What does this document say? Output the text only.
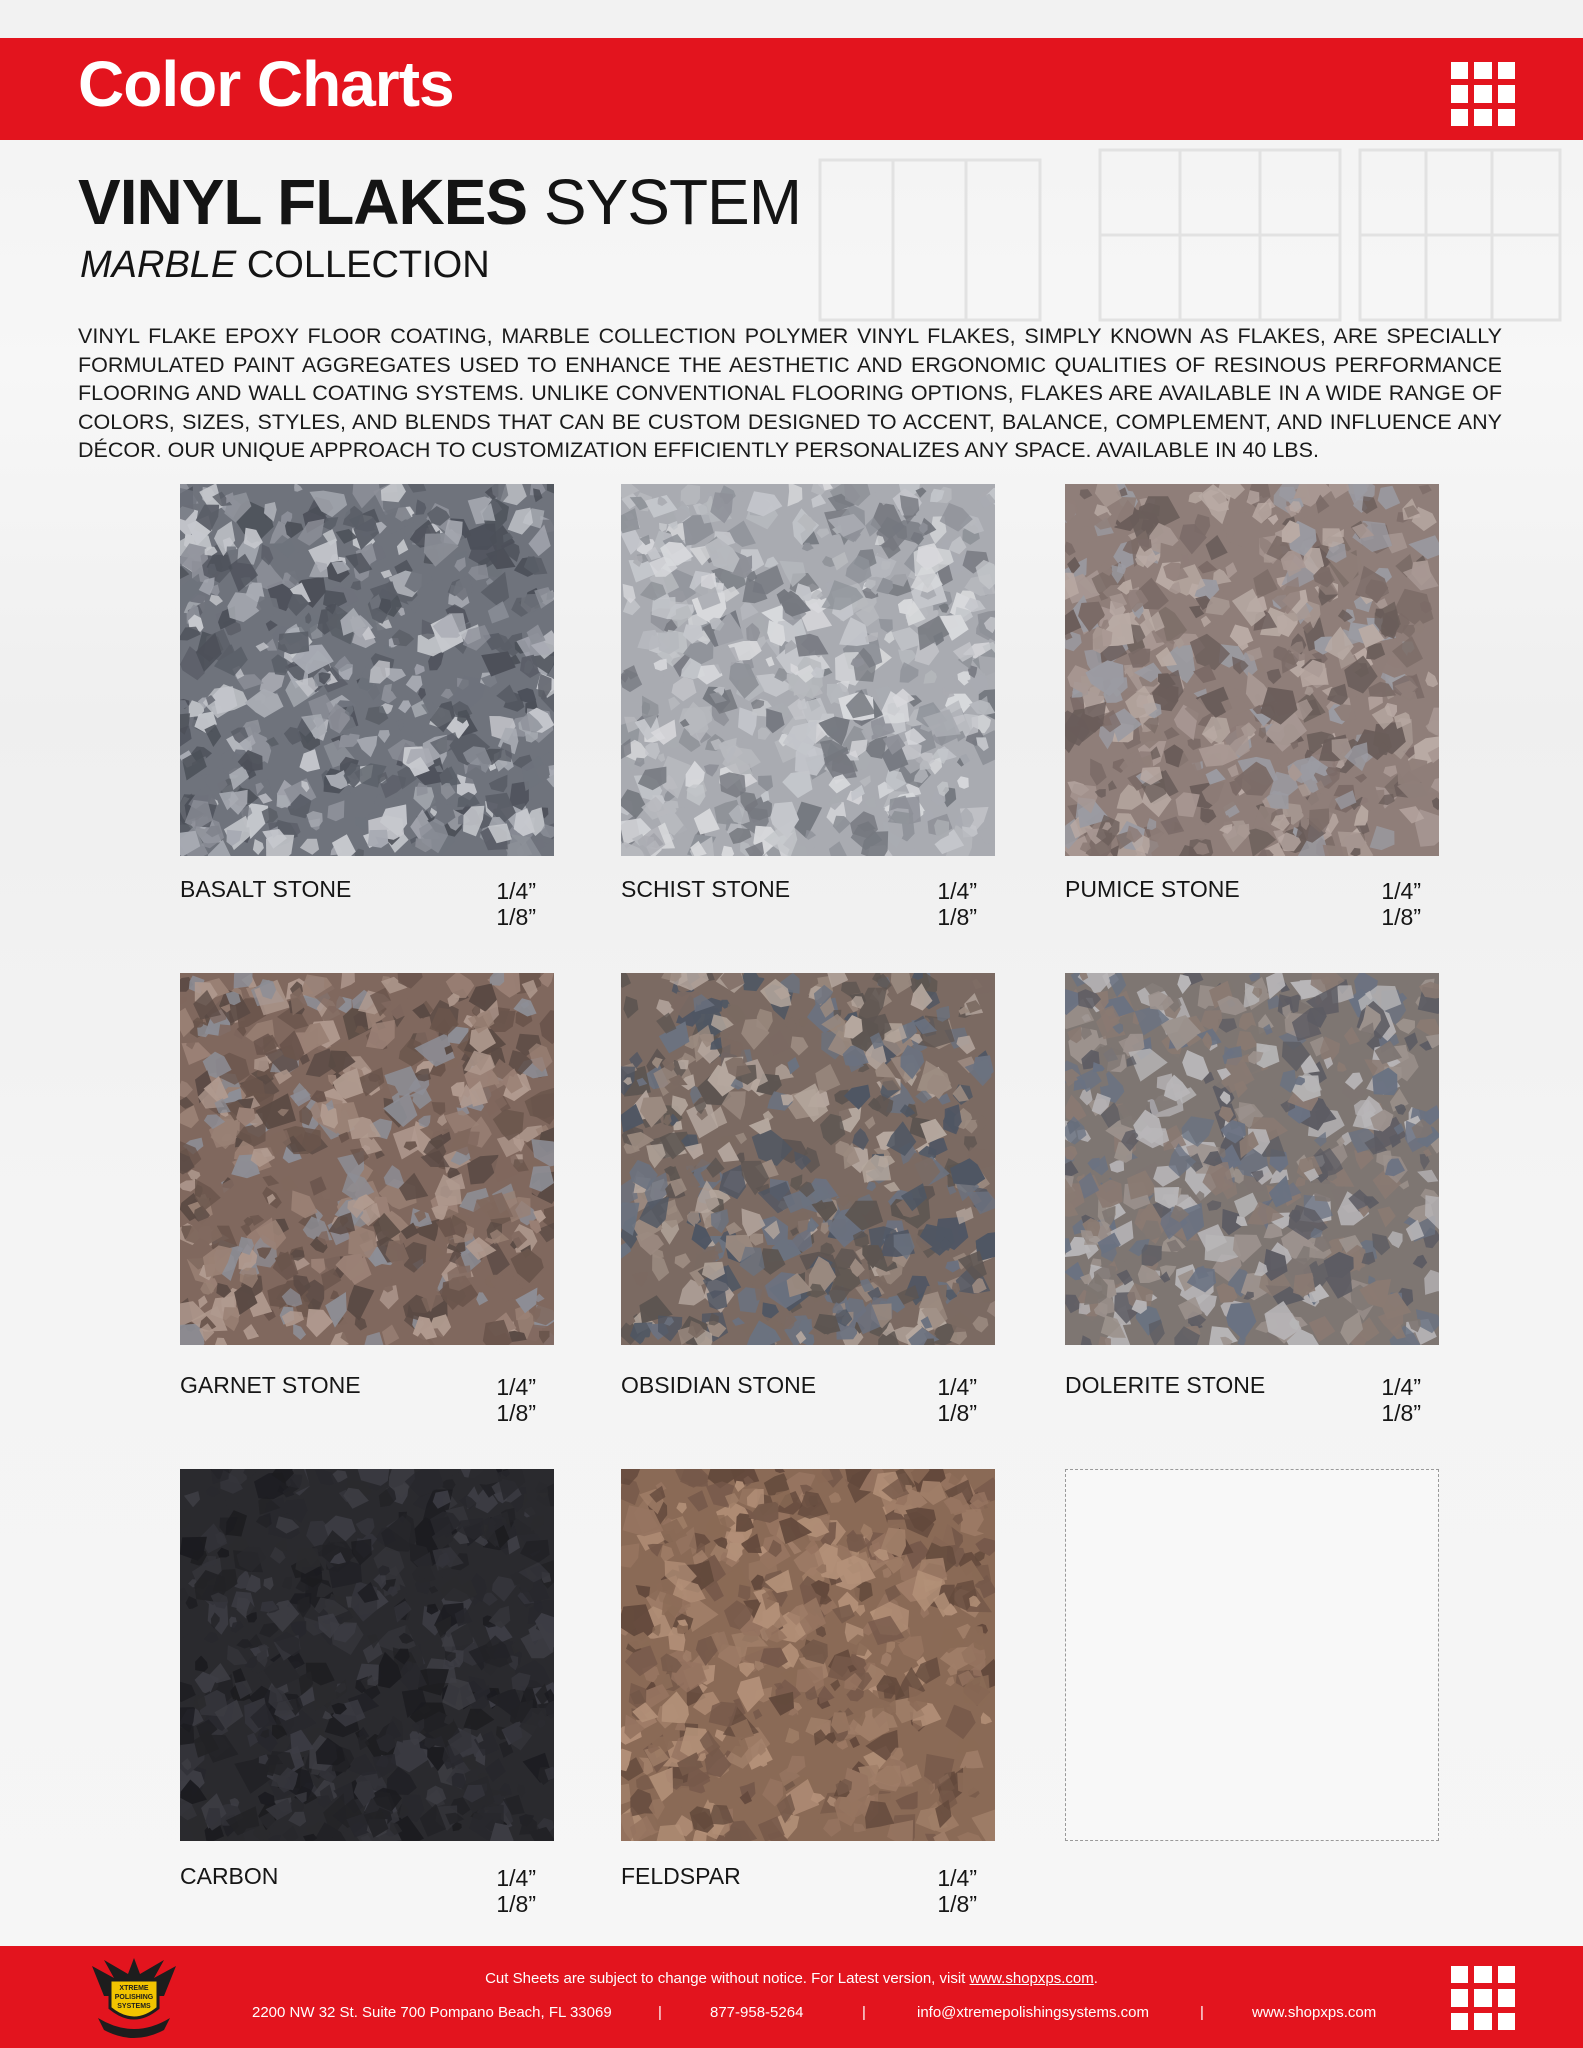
Color Charts
VINYL FLAKES SYSTEM
MARBLE COLLECTION
VINYL FLAKE EPOXY FLOOR COATING, MARBLE COLLECTION POLYMER VINYL FLAKES, SIMPLY KNOWN AS FLAKES, ARE SPECIALLY FORMULATED PAINT AGGREGATES USED TO ENHANCE THE AESTHETIC AND ERGONOMIC QUALITIES OF RESINOUS PERFORMANCE FLOORING AND WALL COATING SYSTEMS. UNLIKE CONVENTIONAL FLOORING OPTIONS, FLAKES ARE AVAILABLE IN A WIDE RANGE OF COLORS, SIZES, STYLES, AND BLENDS THAT CAN BE CUSTOM DESIGNED TO ACCENT, BALANCE, COMPLEMENT, AND INFLUENCE ANY DÉCOR. OUR UNIQUE APPROACH TO CUSTOMIZATION EFFICIENTLY PERSONALIZES ANY SPACE. AVAILABLE IN 40 LBS.
BASALT STONE	1/4”
1/8”
SCHIST STONE	1/4”
1/8”
PUMICE STONE	1/4”
1/8”
GARNET STONE	1/4”
1/8”
OBSIDIAN STONE	1/4”
1/8”
DOLERITE STONE	1/4”
1/8”
CARBON	1/4”
1/8”
FELDSPAR	1/4”
1/8”
XTREME
POLISHING
SYSTEMS
Cut Sheets are subject to change without notice. For Latest version, visit www.shopxps.com.
2200 NW 32 St. Suite 700 Pompano Beach, FL 33069	|	877-958-5264	|	info@xtremepolishingsystems.com	|	www.shopxps.com
